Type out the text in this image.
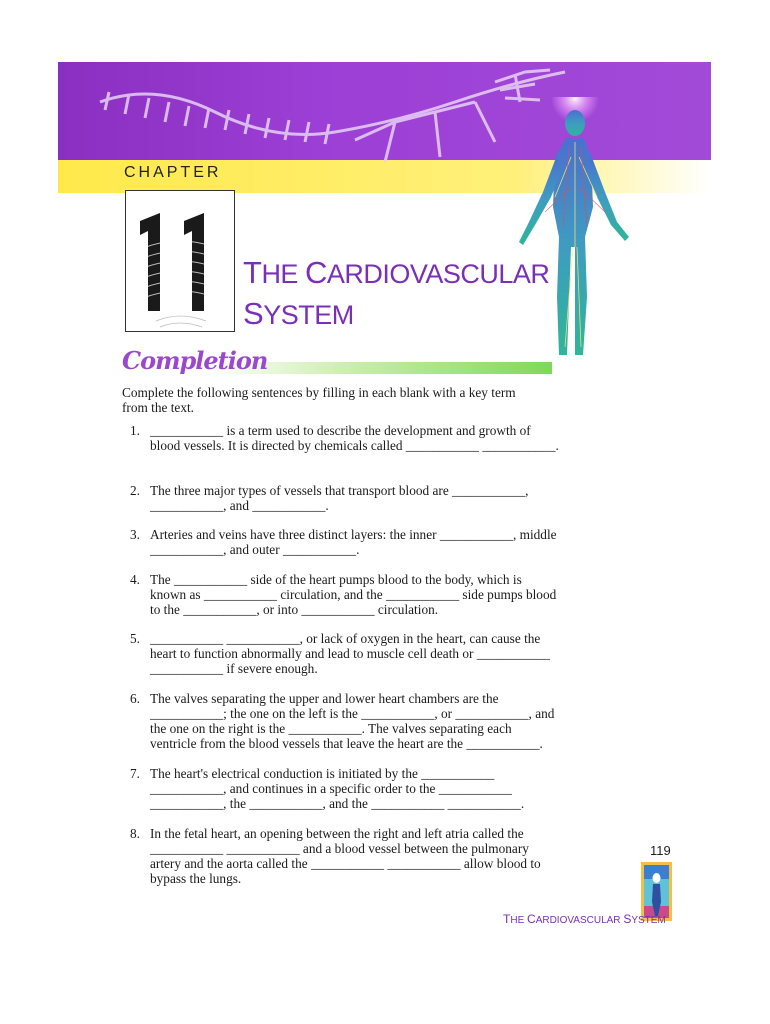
CHAPTER
THE CARDIOVASCULAR
SYSTEM
Completion
Complete the following sentences by filling in each blank with a key term from the text.
1. ___________ is a term used to describe the development and growth of blood vessels. It is directed by chemicals called ___________ ___________.
2. The three major types of vessels that transport blood are ___________, ___________, and ___________.
3. Arteries and veins have three distinct layers: the inner ___________, middle ___________, and outer ___________.
4. The ___________ side of the heart pumps blood to the body, which is known as ___________ circulation, and the ___________ side pumps blood to the ___________, or into ___________ circulation.
5. ___________ ___________, or lack of oxygen in the heart, can cause the heart to function abnormally and lead to muscle cell death or ___________ ___________ if severe enough.
6. The valves separating the upper and lower heart chambers are the ___________; the one on the left is the ___________, or ___________, and the one on the right is the ___________. The valves separating each ventricle from the blood vessels that leave the heart are the ___________.
7. The heart's electrical conduction is initiated by the ___________ ___________, and continues in a specific order to the ___________ ___________, the ___________, and the ___________ ___________.
8. In the fetal heart, an opening between the right and left atria called the ___________ ___________ and a blood vessel between the pulmonary artery and the aorta called the ___________ ___________ allow blood to bypass the lungs.
119
THE CARDIOVASCULAR SYSTEM
